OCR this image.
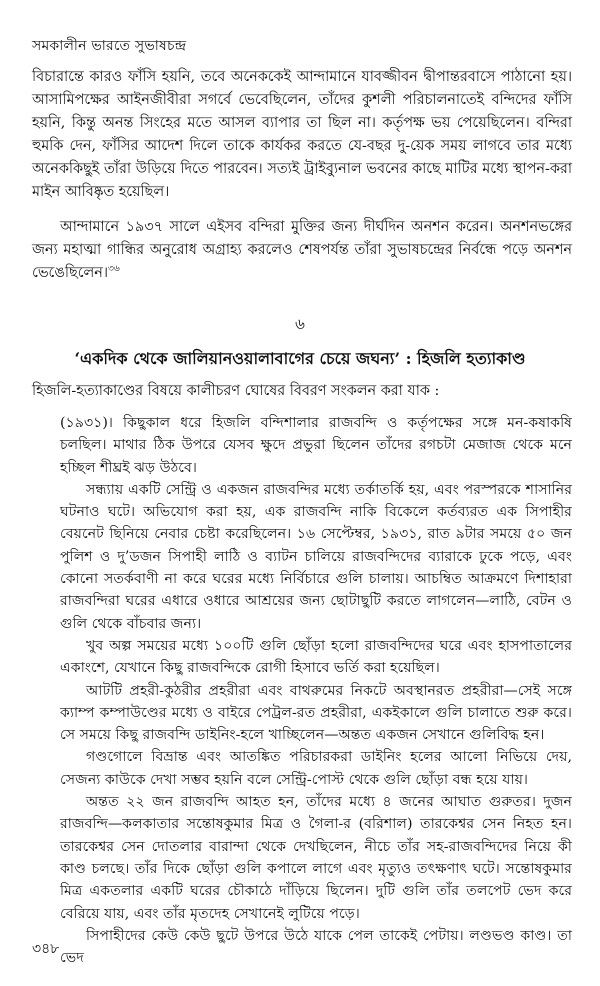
সমকালীন ভারতে সুভাষচন্দ্র
বিচারান্তে কারও ফাঁসি হয়নি, তবে অনেককেই আন্দামানে যাবজ্জীবন দ্বীপান্তরবাসে পাঠানো হয়। আসামিপক্ষের আইনজীবীরা সগর্বে ভেবেছিলেন, তাঁদের কুশলী পরিচালনাতেই বন্দিদের ফাঁসি হয়নি, কিন্তু অনন্ত সিংহের মতে আসল ব্যাপার তা ছিল না। কর্তৃপক্ষ ভয় পেয়েছিলেন। বন্দিরা হুমকি দেন, ফাঁসির আদেশ দিলে তাকে কার্যকর করতে যে-বছর দু-য়েক সময় লাগবে তার মধ্যে অনেককিছুই তাঁরা উড়িয়ে দিতে পারবেন। সত্যই ট্রাইব্যুনাল ভবনের কাছে মাটির মধ্যে স্থাপন-করা মাইন আবিষ্কৃত হয়েছিল।
আন্দামানে ১৯৩৭ সালে এইসব বন্দিরা মুক্তির জন্য দীর্ঘদিন অনশন করেন। অনশনভঙ্গের জন্য মহাত্মা গান্ধির অনুরোধ অগ্রাহ্য করলেও শেষপর্যন্ত তাঁরা সুভাষচন্দ্রের নির্বন্ধে পড়ে অনশন ভেঙেছিলেন।$^{৩৬}$
৬
‘একদিক থেকে জালিয়ানওয়ালাবাগের চেয়ে জঘন্য’ : হিজলি হত্যাকাণ্ড
হিজলি-হত্যাকাণ্ডের বিষয়ে কালীচরণ ঘোষের বিবরণ সংকলন করা যাক :

(১৯৩১)। কিছুকাল ধরে হিজলি বন্দিশালার রাজবন্দি ও কর্তৃপক্ষের সঙ্গে মন-কষাকষি চলছিল। মাথার ঠিক উপরে যেসব ক্ষুদে প্রভুরা ছিলেন তাঁদের রগচটা মেজাজ থেকে মনে হচ্ছিল শীঘ্রই ঝড় উঠবে।

সন্ধ্যায় একটি সেন্ট্রি ও একজন রাজবন্দির মধ্যে তর্কাতর্কি হয়, এবং পরস্পরকে শাসানির ঘটনাও ঘটে। অভিযোগ করা হয়, এক রাজবন্দি নাকি বিকেলে কর্তব্যরত এক সিপাহীর বেয়নেট ছিনিয়ে নেবার চেষ্টা করেছিলেন। ১৬ সেপ্টেম্বর, ১৯৩১, রাত ৯টার সময়ে ৫০ জন পুলিশ ও দু’ডজন সিপাহী লাঠি ও ব্যাটন চালিয়ে রাজবন্দিদের ব্যারাকে ঢুকে পড়ে, এবং কোনো সতর্কবাণী না করে ঘরের মধ্যে নির্বিচারে গুলি চালায়। আচম্বিত আক্রমণে দিশাহারা রাজবন্দিরা ঘরের এধারে ওধারে আশ্রয়ের জন্য ছোটাছুটি করতে লাগলেন—লাঠি, বেটন ও গুলি থেকে বাঁচবার জন্য।

খুব অল্প সময়ের মধ্যে ১০০টি গুলি ছোঁড়া হলো রাজবন্দিদের ঘরে এবং হাসপাতালের একাংশে, যেখানে কিছু রাজবন্দিকে রোগী হিসাবে ভর্তি করা হয়েছিল।

আটটি প্রহরী-কুঠরীর প্রহরীরা এবং বাথরুমের নিকটে অবস্থানরত প্রহরীরা—সেই সঙ্গে ক্যাম্প কম্পাউণ্ডের মধ্যে ও বাইরে পেট্রল-রত প্রহরীরা, একইকালে গুলি চালাতে শুরু করে। সে সময়ে কিছু রাজবন্দি ডাইনিং-হলে খাচ্ছিলেন—অন্তত একজন সেখানে গুলিবিদ্ধ হন।

গণ্ডগোলে বিভ্রান্ত এবং আতঙ্কিত পরিচারকরা ডাইনিং হলের আলো নিভিয়ে দেয়, সেজন্য কাউকে দেখা সম্ভব হয়নি বলে সেন্ট্রি-পোস্ট থেকে গুলি ছোঁড়া বন্ধ হয়ে যায়।

অন্তত ২২ জন রাজবন্দি আহত হন, তাঁদের মধ্যে ৪ জনের আঘাত গুরুতর। দুজন রাজবন্দি—কলকাতার সন্তোষকুমার মিত্র ও গৈলা-র (বরিশাল) তারকেশ্বর সেন নিহত হন। তারকেশ্বর সেন দোতলার বারান্দা থেকে দেখছিলেন, নীচে তাঁর সহ-রাজবন্দিদের নিয়ে কী কাণ্ড চলছে। তাঁর দিকে ছোঁড়া গুলি কপালে লাগে এবং মৃত্যুও তৎক্ষণাৎ ঘটে। সন্তোষকুমার মিত্র একতলার একটি ঘরের চৌকাঠে দাঁড়িয়ে ছিলেন। দুটি গুলি তাঁর তলপেট ভেদ করে বেরিয়ে যায়, এবং তাঁর মৃতদেহ সেখানেই লুটিয়ে পড়ে।

সিপাহীদের কেউ কেউ ছুটে উপরে উঠে যাকে পেল তাকেই পেটায়। লণ্ডভণ্ড কাণ্ড। তা ভেদ

৩৪৮
